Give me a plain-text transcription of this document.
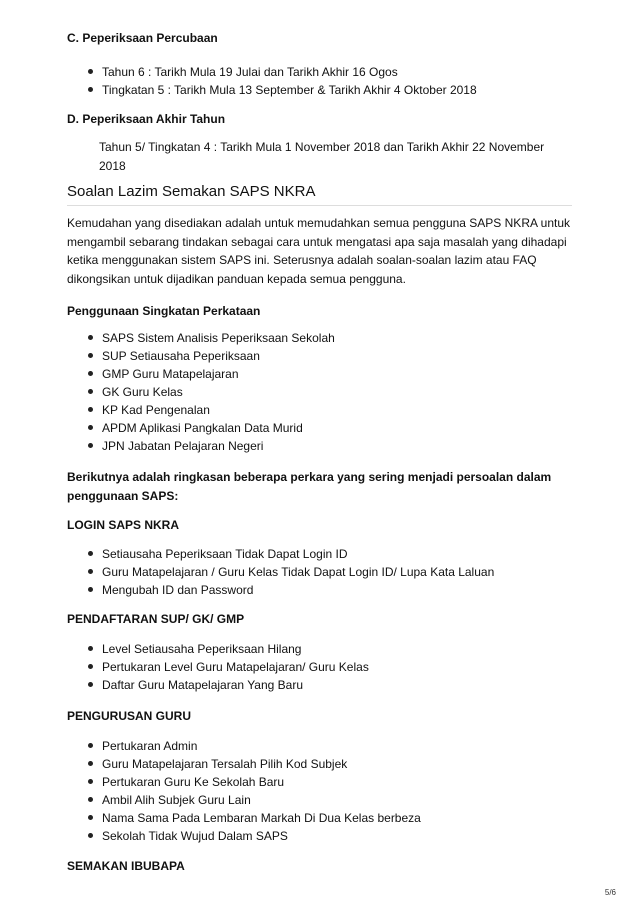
C. Peperiksaan Percubaan

Tahun 6 : Tarikh Mula 19 Julai dan Tarikh Akhir 16 Ogos
Tingkatan 5 : Tarikh Mula 13 September & Tarikh Akhir 4 Oktober 2018

D. Peperiksaan Akhir Tahun

Tahun 5/ Tingkatan 4 : Tarikh Mula 1 November 2018 dan Tarikh Akhir 22 November 2018

Soalan Lazim Semakan SAPS NKRA

Kemudahan yang disediakan adalah untuk memudahkan semua pengguna SAPS NKRA untuk mengambil sebarang tindakan sebagai cara untuk mengatasi apa saja masalah yang dihadapi ketika menggunakan sistem SAPS ini. Seterusnya adalah soalan-soalan lazim atau FAQ dikongsikan untuk dijadikan panduan kepada semua pengguna.

Penggunaan Singkatan Perkataan

SAPS Sistem Analisis Peperiksaan Sekolah
SUP Setiausaha Peperiksaan
GMP Guru Matapelajaran
GK Guru Kelas
KP Kad Pengenalan
APDM Aplikasi Pangkalan Data Murid
JPN Jabatan Pelajaran Negeri

Berikutnya adalah ringkasan beberapa perkara yang sering menjadi persoalan dalam penggunaan SAPS:

LOGIN SAPS NKRA

Setiausaha Peperiksaan Tidak Dapat Login ID
Guru Matapelajaran / Guru Kelas Tidak Dapat Login ID/ Lupa Kata Laluan
Mengubah ID dan Password

PENDAFTARAN SUP/ GK/ GMP

Level Setiausaha Peperiksaan Hilang
Pertukaran Level Guru Matapelajaran/ Guru Kelas
Daftar Guru Matapelajaran Yang Baru

PENGURUSAN GURU

Pertukaran Admin
Guru Matapelajaran Tersalah Pilih Kod Subjek
Pertukaran Guru Ke Sekolah Baru
Ambil Alih Subjek Guru Lain
Nama Sama Pada Lembaran Markah Di Dua Kelas berbeza
Sekolah Tidak Wujud Dalam SAPS

SEMAKAN IBUBAPA

5/6
